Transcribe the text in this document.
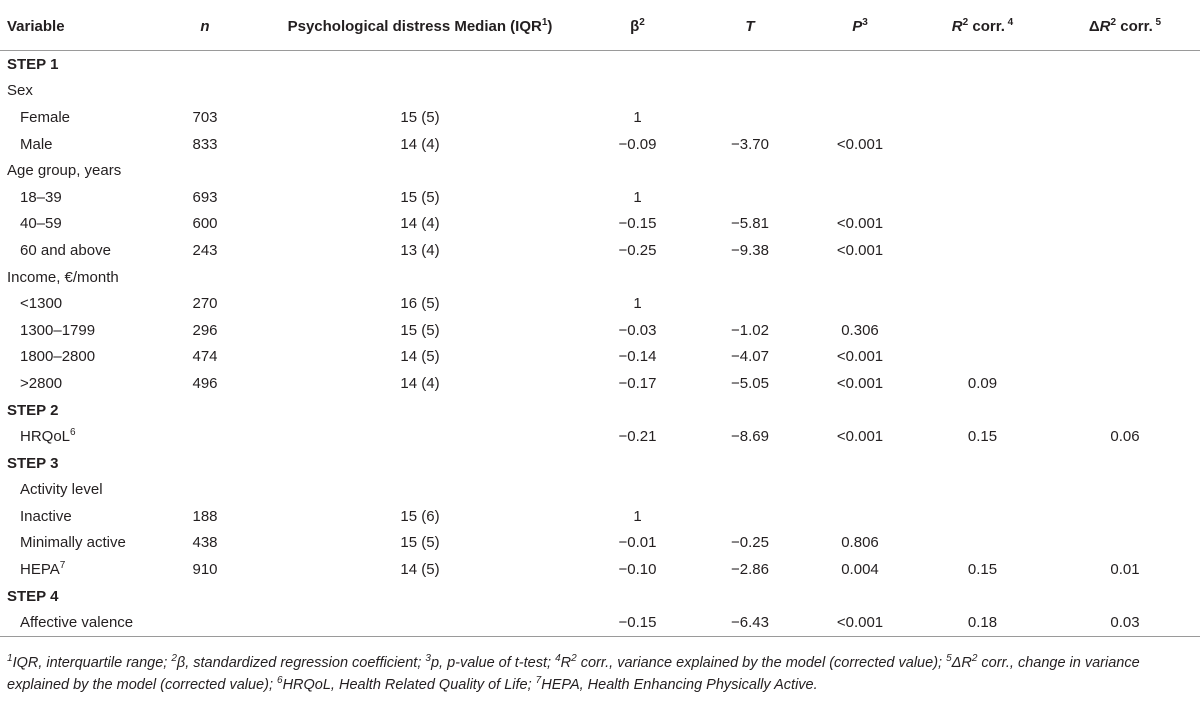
Variable	n	Psychological distress Median (IQR$^1$)	$\beta^2$	T	$P^3$	$R^2$ corr. $^4$	$\Delta R^2$ corr. $^5$
STEP 1							
Sex							
Female	703	15 (5)	1				
Male	833	14 (4)	−0.09	−3.70	<0.001		
Age group, years							
18–39	693	15 (5)	1				
40–59	600	14 (4)	−0.15	−5.81	<0.001		
60 and above	243	13 (4)	−0.25	−9.38	<0.001		
Income, €/month							
<1300	270	16 (5)	1				
1300–1799	296	15 (5)	−0.03	−1.02	0.306		
1800–2800	474	14 (5)	−0.14	−4.07	<0.001		
>2800	496	14 (4)	−0.17	−5.05	<0.001	0.09	
STEP 2							
HRQoL$^6$			−0.21	−8.69	<0.001	0.15	0.06
STEP 3							
Activity level							
Inactive	188	15 (6)	1				
Minimally active	438	15 (5)	−0.01	−0.25	0.806		
HEPA$^7$	910	14 (5)	−0.10	−2.86	0.004	0.15	0.01
STEP 4							
Affective valence			−0.15	−6.43	<0.001	0.18	0.03
$^1$IQR, interquartile range; $^2$β, standardized regression coefficient; $^3$p, p-value of t-test; $^4R^2$ corr., variance explained by the model (corrected value); $^5\Delta R^2$ corr., change in variance explained by the model (corrected value); $^6$HRQoL, Health Related Quality of Life; $^7$HEPA, Health Enhancing Physically Active.
